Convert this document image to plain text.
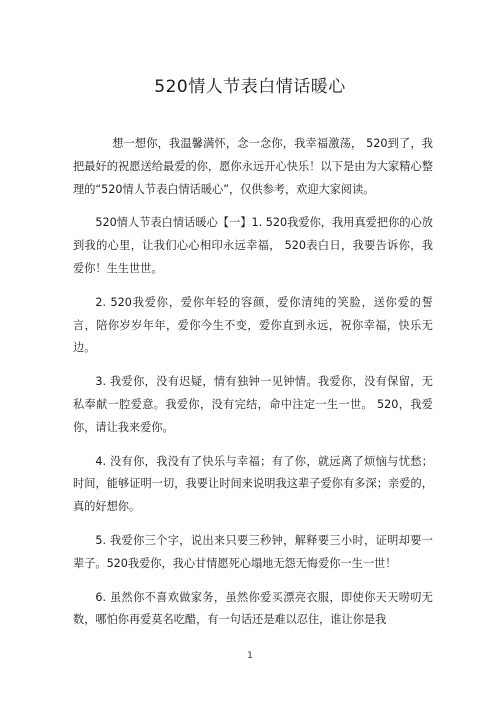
520情人节表白情话暖心

想一想你，我温馨满怀，念一念你，我幸福激荡， 520到了，我把最好的祝愿送给最爱的你，愿你永远开心快乐！以下是由为大家精心整理的“520情人节表白情话暖心”，仅供参考，欢迎大家阅读。

520情人节表白情话暖心【一】1. 520我爱你，我用真爱把你的心放到我的心里，让我们心心相印永远幸福， 520表白日，我要告诉你，我爱你！生生世世。

2. 520我爱你，爱你年轻的容颜，爱你清纯的笑脸，送你爱的誓言，陪你岁岁年年，爱你今生不变，爱你直到永远，祝你幸福，快乐无边。

3. 我爱你，没有迟疑，情有独钟一见钟情。我爱你，没有保留，无私奉献一腔爱意。我爱你，没有完结，命中注定一生一世。 520，我爱你，请让我来爱你。

4. 没有你，我没有了快乐与幸福；有了你，就远离了烦恼与忧愁；时间，能够证明一切，我要让时间来说明我这辈子爱你有多深；亲爱的，真的好想你。

5. 我爱你三个字，说出来只要三秒钟，解释要三小时，证明却要一辈子。520我爱你，我心甘情愿死心塌地无怨无悔爱你一生一世！

6. 虽然你不喜欢做家务，虽然你爱买漂亮衣服，即使你天天唠叨无数，哪怕你再爱莫名吃醋，有一句话还是难以忍住，谁让你是我

1
